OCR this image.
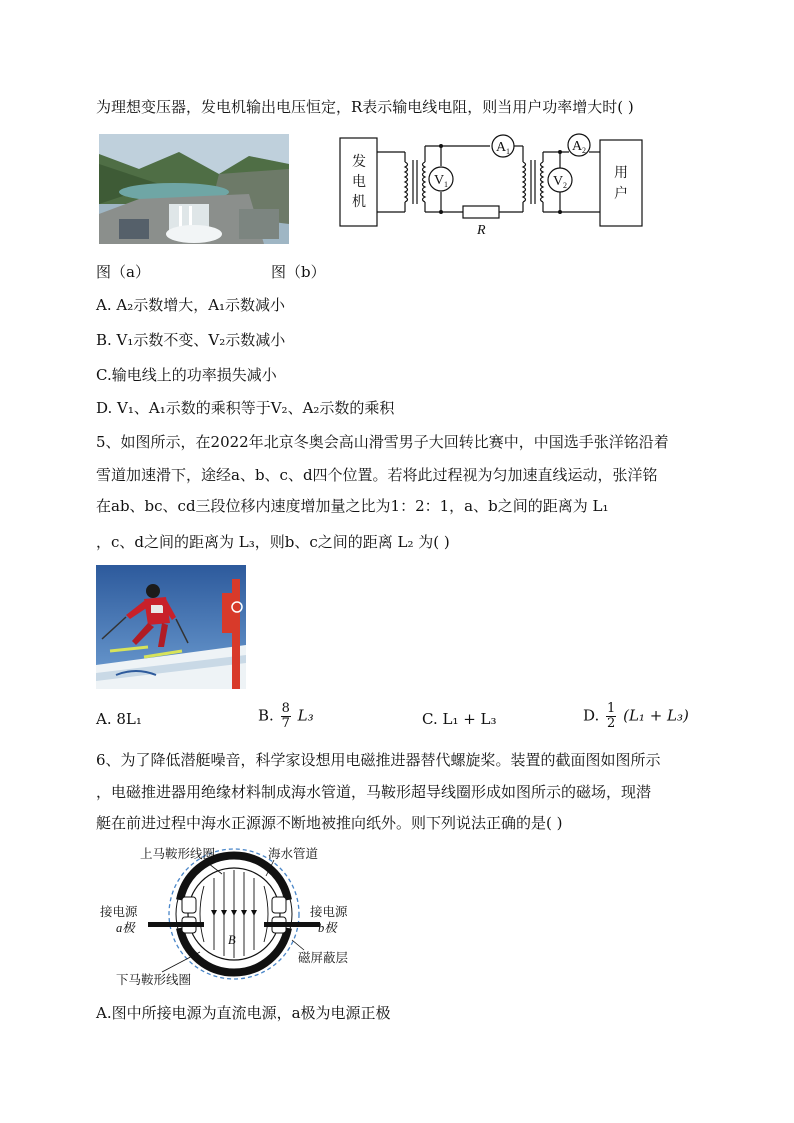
为理想变压器，发电机输出电压恒定，R表示输电线电阻，则当用户功率增大时( )
发
电
机
用
户
V 1	V 2
A 1	A 2
R
图（a）	图（b）
A. A₂示数增大，A₁示数减小
B. V₁示数不变、V₂示数减小
C.输电线上的功率损失减小
D. V₁、A₁示数的乘积等于V₂、A₂示数的乘积
5、如图所示，在2022年北京冬奥会高山滑雪男子大回转比赛中，中国选手张洋铭沿着
雪道加速滑下，途经a、b、c、d四个位置。若将此过程视为匀加速直线运动，张洋铭
在ab、bc、cd三段位移内速度增加量之比为1：2：1，a、b之间的距离为 L₁
，c、d之间的距离为 L₃，则b、c之间的距离 L₂ 为( )
A. 8L₁	B. $\frac{8}{7} L_3$	C. L₁ + L₃	D. $\frac{1}{2} (L_1 + L_3)$
6、为了降低潜艇噪音，科学家设想用电磁推进器替代螺旋桨。装置的截面图如图所示
，电磁推进器用绝缘材料制成海水管道，马鞍形超导线圈形成如图所示的磁场，现潜
艇在前进过程中海水正源源不断地被推向纸外。则下列说法正确的是( )
上马鞍形线圈	海水管道
接电源
a极
接电源
b极
B
下马鞍形线圈
磁屏蔽层
A.图中所接电源为直流电源，a极为电源正极
